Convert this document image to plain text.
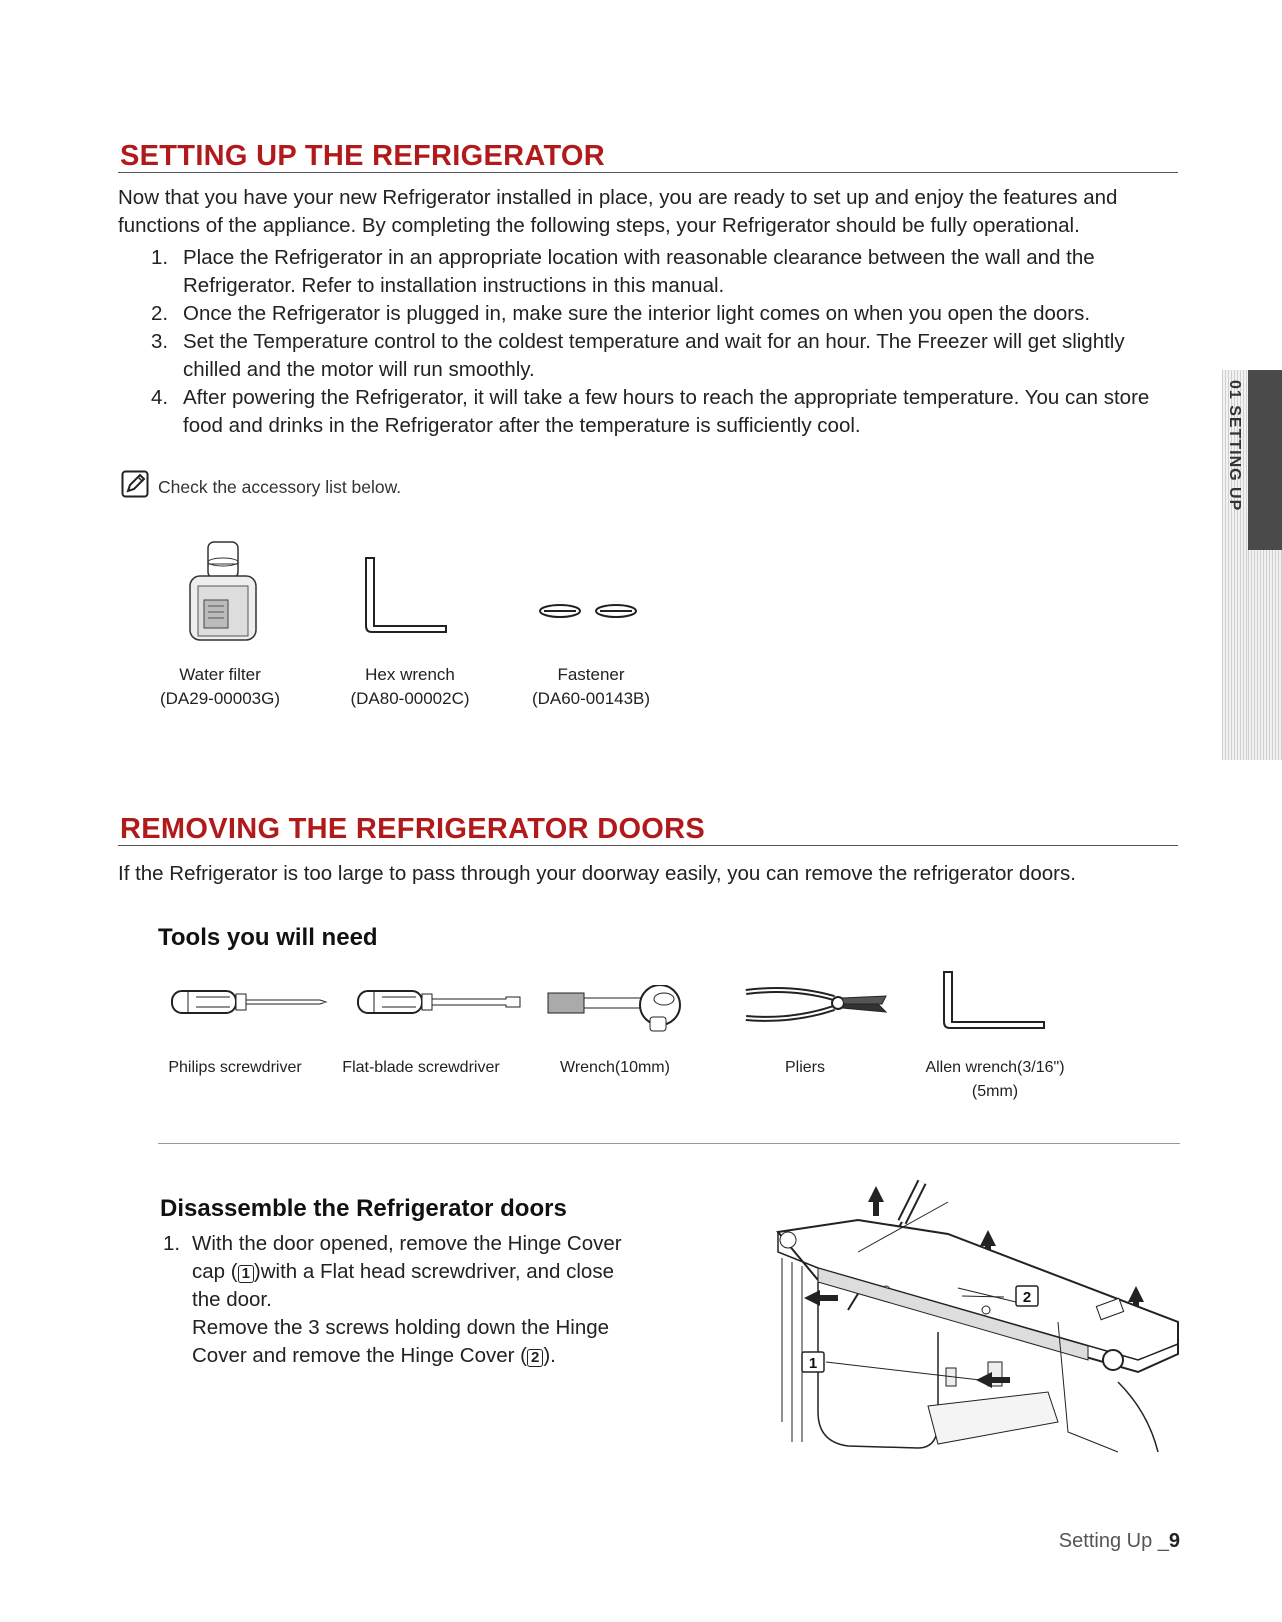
01 SETTING UP
SETTING UP THE REFRIGERATOR
Now that you have your new Refrigerator installed in place, you are ready to set up and enjoy the features and functions of the appliance. By completing the following steps, your Refrigerator should be fully operational.
1. Place the Refrigerator in an appropriate location with reasonable clearance between the wall and the Refrigerator. Refer to installation instructions in this manual.
2. Once the Refrigerator is plugged in, make sure the interior light comes on when you open the doors.
3. Set the Temperature control to the coldest temperature and wait for an hour. The Freezer will get slightly chilled and the motor will run smoothly.
4. After powering the Refrigerator, it will take a few hours to reach the appropriate temperature. You can store food and drinks in the Refrigerator after the temperature is sufficiently cool.
Check the accessory list below.
Water filter
(DA29-00003G)
Hex wrench
(DA80-00002C)
Fastener
(DA60-00143B)
REMOVING THE REFRIGERATOR DOORS
If the Refrigerator is too large to pass through your doorway easily, you can remove the refrigerator doors.
Tools you will need
Philips screwdriver	Flat-blade screwdriver	Wrench(10mm)	Pliers	Allen wrench(3/16")
(5mm)
Disassemble the Refrigerator doors
1. With the door opened, remove the Hinge Cover
cap ( 1 )with a Flat head screwdriver, and close
the door.
Remove the 3 screws holding down the Hinge
Cover and remove the Hinge Cover ( 2 ).	1
2
Setting Up _9
